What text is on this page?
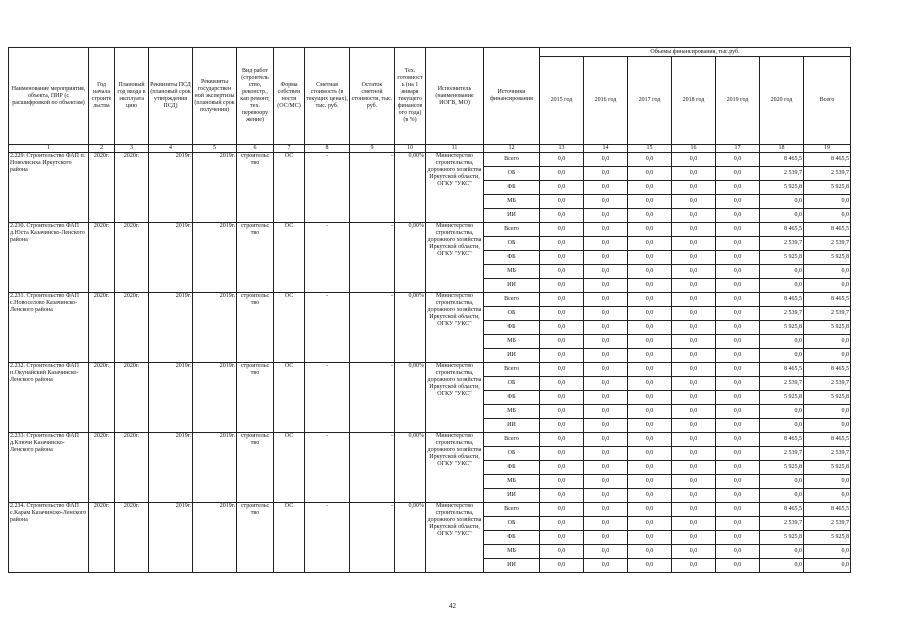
Наименование мероприятия, объекта, ПИР (с расшифровкой по объектам)	Год начала строите льства	Плановый год ввода в эксплуата цию	Реквизиты ПСД (плановый срок утверждения ПСД)	Реквизиты государствен ной экспертизы (плановый срок получения)	Вид работ (строитель ство, реконстр., кап ремонт, тех. перевоору жение)	Форма собствен ности (ОС/МС)	Сметная стоимость (в текущих ценах), тыс. руб.	Остаток сметной стоимости, тыс. руб.	Тех. готовност ь (на 1 января текущего финансов ого года) (в %)	Исполнитель (наименование ИОГВ, МО)	Источники финансирования	Объемы финансирования, тыс.руб.						
												2015 год	2016 год	2017 год	2018 год	2019 год	2020 год	Всего
1	2	3	4	5	6	7	8	9	10	11	12	13	14	15	16	17	18	19
2.229. Строительство ФАП п. Новолисиха Иркутского района	2020г.	2020г.	2019г.	2019г.	строительс тво	ОС	-	-	0,00%	Министерство строительства, дорожного хозяйства Иркутской области, ОГКУ "УКС"	Всего	0,0	0,0	0,0	0,0	0,0	8 465,5	8 465,5
											ОБ	0,0	0,0	0,0	0,0	0,0	2 539,7	2 539,7
											ФБ	0,0	0,0	0,0	0,0	0,0	5 925,8	5 925,8
											МБ	0,0	0,0	0,0	0,0	0,0	0,0	0,0
											ИИ	0,0	0,0	0,0	0,0	0,0	0,0	0,0
2.230. Строительство ФАП д.Юста Казачинско-Ленского района	2020г.	2020г.	2019г.	2019г.	строительс тво	ОС	-	-	0,00%	Министерство строительства, дорожного хозяйства Иркутской области, ОГКУ "УКС"	Всего	0,0	0,0	0,0	0,0	0,0	8 465,5	8 465,5
											ОБ	0,0	0,0	0,0	0,0	0,0	2 539,7	2 539,7
											ФБ	0,0	0,0	0,0	0,0	0,0	5 925,8	5 925,8
											МБ	0,0	0,0	0,0	0,0	0,0	0,0	0,0
											ИИ	0,0	0,0	0,0	0,0	0,0	0,0	0,0
2.231. Строительство ФАП с.Новоселово Казачинско-Ленского района	2020г.	2020г.	2019г.	2019г.	строительс тво	ОС	-	-	0,00%	Министерство строительства, дорожного хозяйства Иркутской области, ОГКУ "УКС"	Всего	0,0	0,0	0,0	0,0	0,0	8 465,5	8 465,5
											ОБ	0,0	0,0	0,0	0,0	0,0	2 539,7	2 539,7
											ФБ	0,0	0,0	0,0	0,0	0,0	5 925,8	5 925,8
											МБ	0,0	0,0	0,0	0,0	0,0	0,0	0,0
											ИИ	0,0	0,0	0,0	0,0	0,0	0,0	0,0
2.232. Строительство ФАП п.Окунайский Казачинско-Ленского района	2020г.	2020г.	2019г.	2019г.	строительс тво	ОС	-	-	0,00%	Министерство строительства, дорожного хозяйства Иркутской области, ОГКУ "УКС"	Всего	0,0	0,0	0,0	0,0	0,0	8 465,5	8 465,5
											ОБ	0,0	0,0	0,0	0,0	0,0	2 539,7	2 539,7
											ФБ	0,0	0,0	0,0	0,0	0,0	5 925,8	5 925,8
											МБ	0,0	0,0	0,0	0,0	0,0	0,0	0,0
											ИИ	0,0	0,0	0,0	0,0	0,0	0,0	0,0
2.233. Строительство ФАП д.Ключи Казачинско-Ленского района	2020г.	2020г.	2019г.	2019г.	строительс тво	ОС	-	-	0,00%	Министерство строительства, дорожного хозяйства Иркутской области, ОГКУ "УКС"	Всего	0,0	0,0	0,0	0,0	0,0	8 465,5	8 465,5
											ОБ	0,0	0,0	0,0	0,0	0,0	2 539,7	2 539,7
											ФБ	0,0	0,0	0,0	0,0	0,0	5 925,8	5 925,8
											МБ	0,0	0,0	0,0	0,0	0,0	0,0	0,0
											ИИ	0,0	0,0	0,0	0,0	0,0	0,0	0,0
2.234. Строительство ФАП с.Карам Казачинско-Ленского района	2020г.	2020г.	2019г.	2019г.	строительс тво	ОС	-	-	0,00%	Министерство строительства, дорожного хозяйства Иркутской области, ОГКУ "УКС"	Всего	0,0	0,0	0,0	0,0	0,0	8 465,5	8 465,5
											ОБ	0,0	0,0	0,0	0,0	0,0	2 539,7	2 539,7
											ФБ	0,0	0,0	0,0	0,0	0,0	5 925,8	5 925,8
											МБ	0,0	0,0	0,0	0,0	0,0	0,0	0,0
											ИИ	0,0	0,0	0,0	0,0	0,0	0,0	0,0
42
